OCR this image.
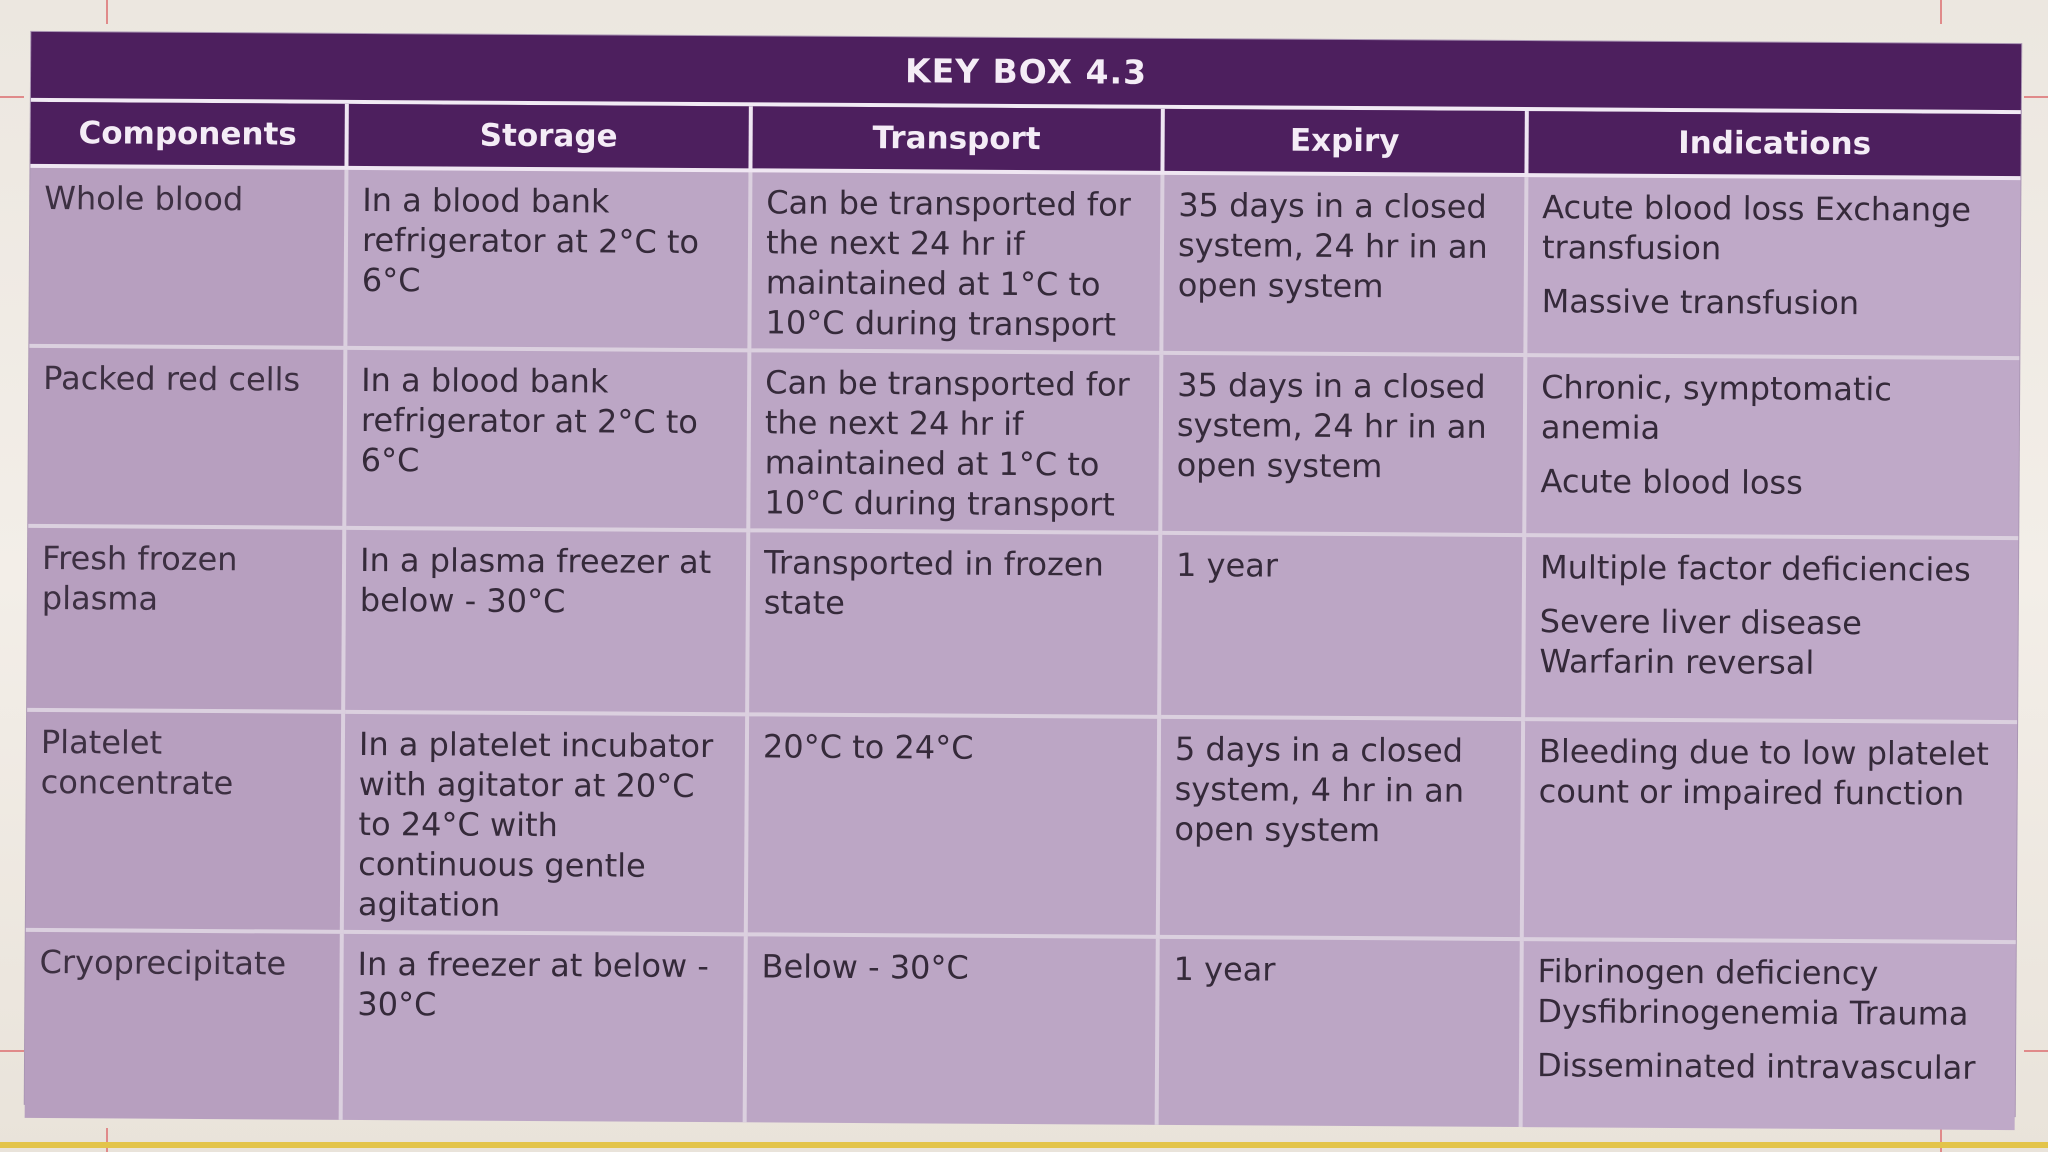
KEY BOX 4.3
Components	Storage	Transport	Expiry	Indications
Whole blood	In a blood bank refrigerator at 2°C to 6°C	Can be transported for the next 24 hr if maintained at 1°C to 10°C during transport	35 days in a closed system, 24 hr in an open system	Acute blood loss Exchange transfusion
Massive transfusion

Packed red cells	In a blood bank refrigerator at 2°C to 6°C	Can be transported for the next 24 hr if maintained at 1°C to 10°C during transport	35 days in a closed system, 24 hr in an open system	Chronic, symptomatic anemia
Acute blood loss

Fresh frozen plasma	In a plasma freezer at below - 30°C	Transported in frozen state	1 year	Multiple factor deficiencies
Severe liver disease Warfarin reversal

Platelet concentrate	In a platelet incubator with agitator at 20°C to 24°C with continuous gentle agitation	20°C to 24°C	5 days in a closed system, 4 hr in an open system	Bleeding due to low platelet count or impaired function

Cryoprecipitate	In a freezer at below - 30°C	Below - 30°C	1 year	Fibrinogen deficiency Dysfibrinogenemia Trauma
Disseminated intravascular
